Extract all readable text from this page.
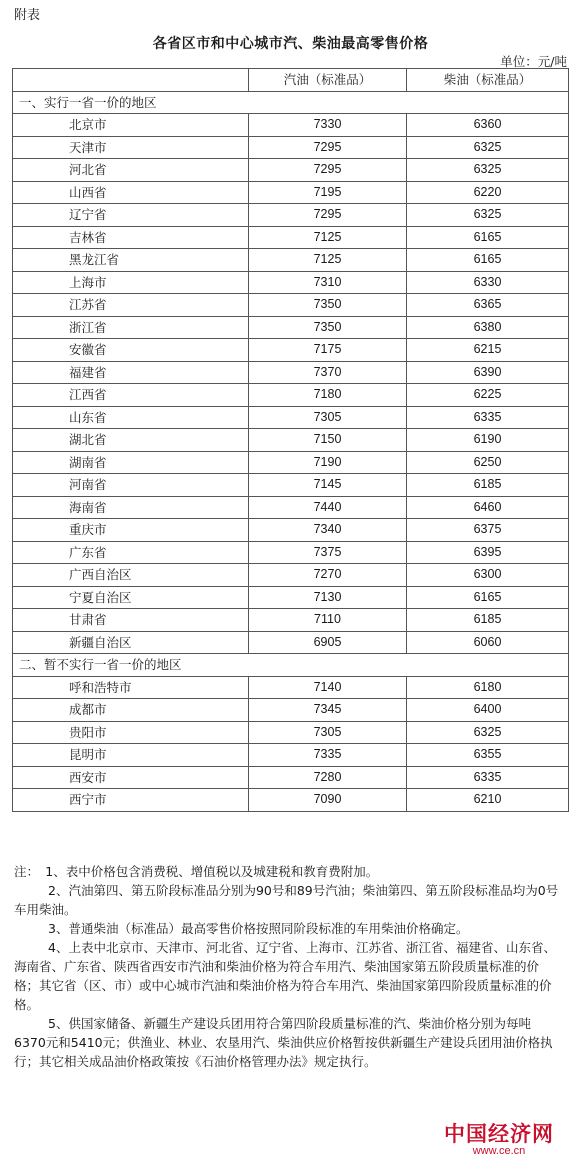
附表
各省区市和中心城市汽、柴油最高零售价格
单位：元/吨
	汽油（标准品）	柴油（标准品）
一、实行一省一价的地区		
北京市	7330	6360
天津市	7295	6325
河北省	7295	6325
山西省	7195	6220
辽宁省	7295	6325
吉林省	7125	6165
黑龙江省	7125	6165
上海市	7310	6330
江苏省	7350	6365
浙江省	7350	6380
安徽省	7175	6215
福建省	7370	6390
江西省	7180	6225
山东省	7305	6335
湖北省	7150	6190
湖南省	7190	6250
河南省	7145	6185
海南省	7440	6460
重庆市	7340	6375
广东省	7375	6395
广西自治区	7270	6300
宁夏自治区	7130	6165
甘肃省	7110	6185
新疆自治区	6905	6060
二、暂不实行一省一价的地区		
呼和浩特市	7140	6180
成都市	7345	6400
贵阳市	7305	6325
昆明市	7335	6355
西安市	7280	6335
西宁市	7090	6210

注：　1、表中价格包含消费税、增值税以及城建税和教育费附加。

2、汽油第四、第五阶段标准品分别为90号和89号汽油；柴油第四、第五阶段标准品均为0号车用柴油。

3、普通柴油（标准品）最高零售价格按照同阶段标准的车用柴油价格确定。

4、上表中北京市、天津市、河北省、辽宁省、上海市、江苏省、浙江省、福建省、山东省、海南省、广东省、陕西省西安市汽油和柴油价格为符合车用汽、柴油国家第五阶段质量标准的价格；其它省（区、市）或中心城市汽油和柴油价格为符合车用汽、柴油国家第四阶段质量标准的价格。

5、供国家储备、新疆生产建设兵团用符合第四阶段质量标准的汽、柴油价格分别为每吨6370元和5410元；供渔业、林业、农垦用汽、柴油供应价格暂按供新疆生产建设兵团用油价格执行；其它相关成品油价格政策按《石油价格管理办法》规定执行。

中国经济网
www.ce.cn
